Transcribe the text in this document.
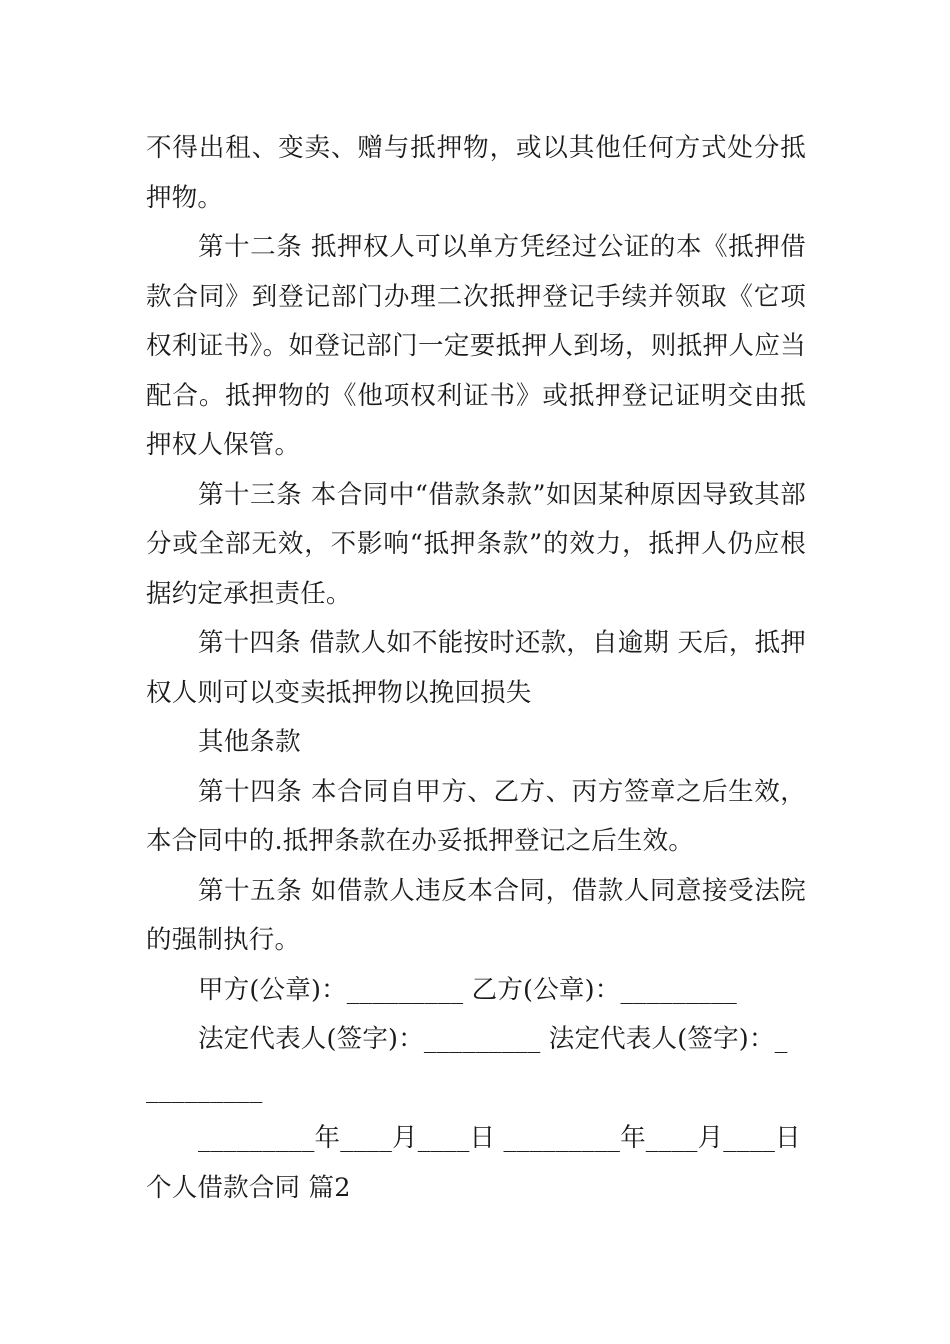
不得出租、变卖、赠与抵押物，或以其他任何方式处分抵押物。

第十二条 抵押权人可以单方凭经过公证的本《抵押借款合同》到登记部门办理二次抵押登记手续并领取《它项权利证书》。如登记部门一定要抵押人到场，则抵押人应当配合。抵押物的《他项权利证书》或抵押登记证明交由抵押权人保管。

第十三条 本合同中“借款条款”如因某种原因导致其部分或全部无效，不影响“抵押条款”的效力，抵押人仍应根据约定承担责任。

第十四条 借款人如不能按时还款，自逾期 天后，抵押权人则可以变卖抵押物以挽回损失

其他条款

第十四条 本合同自甲方、乙方、丙方签章之后生效，本合同中的.抵押条款在办妥抵押登记之后生效。

第十五条 如借款人违反本合同，借款人同意接受法院的强制执行。

甲方(公章)：_________ 乙方(公章)：_________
法定代表人(签字)：_________ 法定代表人(签字)：_
_________
_________年____月____日 _________年____月____日
个人借款合同 篇2
